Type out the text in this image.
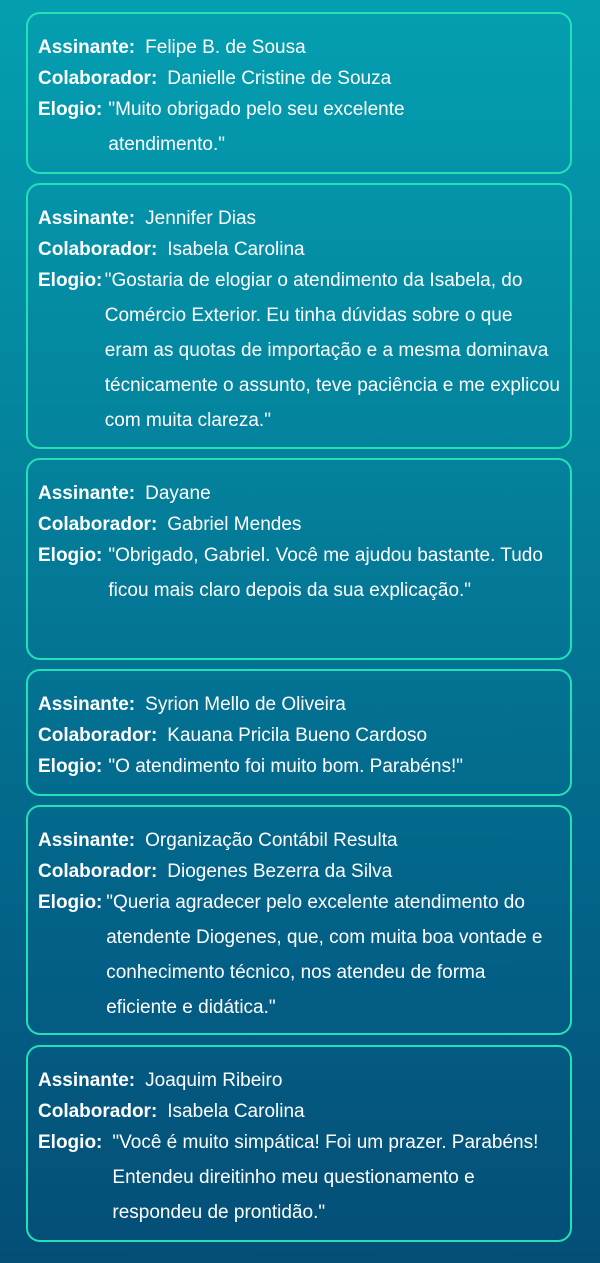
Assinante: Felipe B. de Sousa
Colaborador: Danielle Cristine de Souza
Elogio: "Muito obrigado pelo seu excelente atendimento."
Assinante: Jennifer Dias
Colaborador: Isabela Carolina
Elogio: "Gostaria de elogiar o atendimento da Isabela, do Comércio Exterior. Eu tinha dúvidas sobre o que eram as quotas de importação e a mesma dominava técnicamente o assunto, teve paciência e me explicou com muita clareza."
Assinante: Dayane
Colaborador: Gabriel Mendes
Elogio: "Obrigado, Gabriel. Você me ajudou bastante. Tudo ficou mais claro depois da sua explicação."
Assinante: Syrion Mello de Oliveira
Colaborador: Kauana Pricila Bueno Cardoso
Elogio: "O atendimento foi muito bom. Parabéns!"
Assinante: Organização Contábil Resulta
Colaborador: Diogenes Bezerra da Silva
Elogio: "Queria agradecer pelo excelente atendimento do atendente Diogenes, que, com muita boa vontade e conhecimento técnico, nos atendeu de forma eficiente e didática."
Assinante: Joaquim Ribeiro
Colaborador: Isabela Carolina
Elogio: "Você é muito simpática! Foi um prazer. Parabéns! Entendeu direitinho meu questionamento e respondeu de prontidão."
